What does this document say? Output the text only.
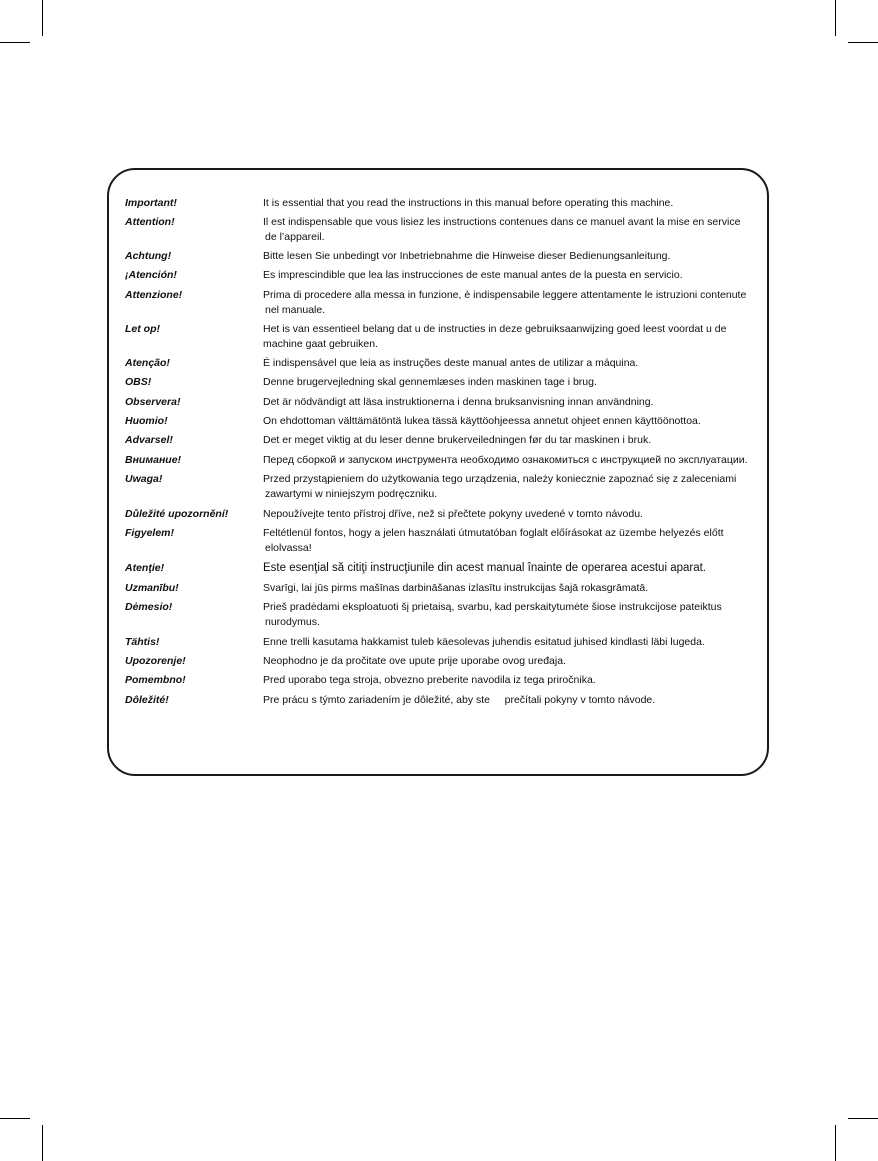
Important!	It is essential that you read the instructions in this manual before operating this machine.
Attention!	Il est indispensable que vous lisiez les instructions contenues dans ce manuel avant la mise en service
de l’appareil.
Achtung!	Bitte lesen Sie unbedingt vor Inbetriebnahme die Hinweise dieser Bedienungsanleitung.
¡Atención!	Es imprescindible que lea las instrucciones de este manual antes de la puesta en servicio.
Attenzione!	Prima di procedere alla messa in funzione, è indispensabile leggere attentamente le istruzioni contenute
nel manuale.
Let op!	Het is van essentieel belang dat u de instructies in deze gebruiksaanwijzing goed leest voordat u de
machine gaat gebruiken.
Atenção!	É indispensável que leia as instruções deste manual antes de utilizar a máquina.
OBS!	Denne brugervejledning skal gennemlæses inden maskinen tage i brug.
Observera!	Det är nödvändigt att läsa instruktionerna i denna bruksanvisning innan användning.
Huomio!	On ehdottoman välttämätöntä lukea tässä käyttöohjeessa annetut ohjeet ennen käyttöönottoa.
Advarsel!	Det er meget viktig at du leser denne brukerveiledningen før du tar maskinen i bruk.
Внимание!	Перед сборкой и запуском инструмента необходимо ознакомиться с инструкцией по эксплуатации.
Uwaga!	Przed przystąpieniem do użytkowania tego urządzenia, należy koniecznie zapoznać się z zaleceniami
zawartymi w niniejszym podręczniku.
Důležité upozornění!	Nepoužívejte tento přístroj dříve, než si přečtete pokyny uvedené v tomto návodu.
Figyelem!	Feltétlenül fontos, hogy a jelen használati útmutatóban foglalt előírásokat az üzembe helyezés előtt
elolvassa!
Atenţie!	Este esenţial să citiţi instrucţiunile din acest manual înainte de operarea acestui aparat.
Uzmanību!	Svarīgi, lai jūs pirms mašīnas darbināšanas izlasītu instrukcijas šajā rokasgrāmatā.
Dėmesio!	Prieš pradėdami eksploatuoti šį prietaisą, svarbu, kad perskaitytumėte šiose instrukcijose pateiktus
nurodymus.
Tähtis!	Enne trelli kasutama hakkamist tuleb käesolevas juhendis esitatud juhised kindlasti läbi lugeda.
Upozorenje!	Neophodno je da pročitate ove upute prije uporabe ovog uređaja.
Pomembno!	Pred uporabo tega stroja, obvezno preberite navodila iz tega priročnika.
Dôležité!	Pre prácu s týmto zariadením je dôležité, aby ste     prečítali pokyny v tomto návode.
